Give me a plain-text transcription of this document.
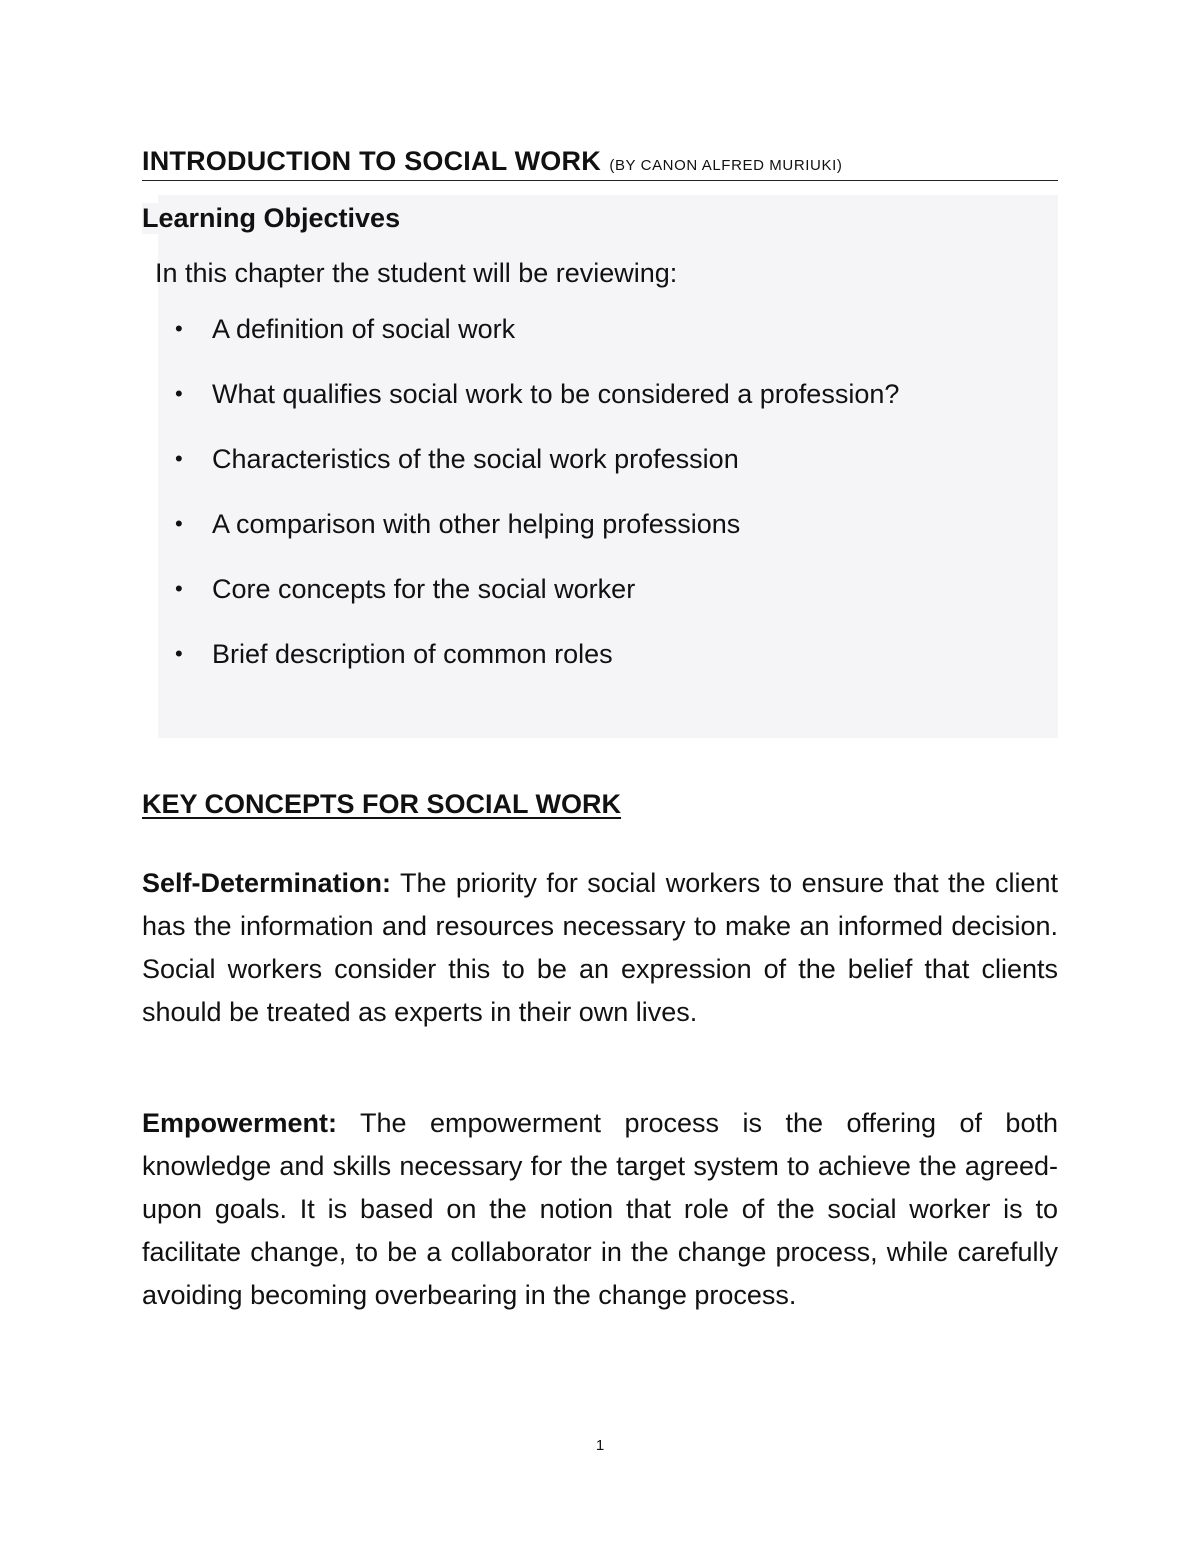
INTRODUCTION TO SOCIAL WORK (BY CANON ALFRED MURIUKI)
Learning Objectives
In this chapter the student will be reviewing:
• A definition of social work
• What qualifies social work to be considered a profession?
• Characteristics of the social work profession
• A comparison with other helping professions
• Core concepts for the social worker
• Brief description of common roles
KEY CONCEPTS FOR SOCIAL WORK

Self-Determination: The priority for social workers to ensure that the client has the information and resources necessary to make an informed decision. Social workers consider this to be an expression of the belief that clients should be treated as experts in their own lives.

Empowerment: The empowerment process is the offering of both knowledge and skills necessary for the target system to achieve the agreed-upon goals. It is based on the notion that role of the social worker is to facilitate change, to be a collaborator in the change process, while carefully avoiding becoming overbearing in the change process.

1
